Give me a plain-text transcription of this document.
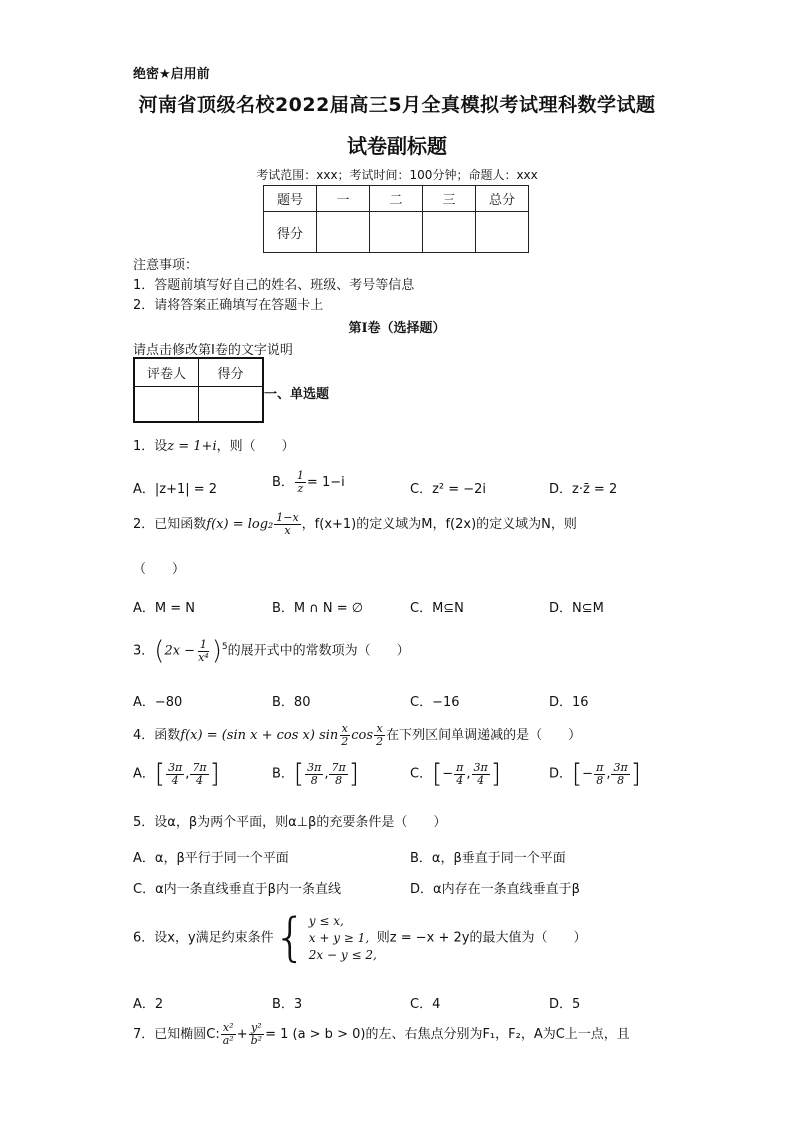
绝密★启用前
河南省顶级名校2022届高三5月全真模拟考试理科数学试题
试卷副标题
考试范围：xxx；考试时间：100分钟；命题人：xxx
题号	一	二	三	总分
得分				
注意事项：
1．答题前填写好自己的姓名、班级、考号等信息
2．请将答案正确填写在答题卡上
第I卷（选择题）
请点击修改第I卷的文字说明
评卷人	得分

一、单选题
1．设z = 1+i，则（　　）
A．|z+1| = 2	B． $\frac{1}{z} = 1-i$	C．z² = −2i	D．z·z̄ = 2
2．已知函数$f(x) = \log_2 \frac{1-x}{x}$ ，f(x+1)的定义域为M，f(2x)的定义域为N，则
（　　）
A．M = N	B．M ∩ N = ∅	C．M⊆N	D．N⊆M
3．$(2x - \frac{1}{\text{x⁴}} )^5$的展开式中的常数项为（　　）
A．−80	B．80	C．−16	D．16
4．函数f(x) = (sin x + cos x) $\sin \frac{x}{2}$ $\cos \frac{x}{2}$ 在下列区间单调递减的是（　　）
A．[ $\frac{3\pi}{4}$ , $\frac{7\pi}{4}$ ]	B．[ $\frac{3\pi}{8}$ , $\frac{7\pi}{8}$ ]	C．[− $\frac{\pi}{4}$ , $\frac{3\pi}{4}$ ]	D．[− $\frac{\pi}{8}$ , $\frac{3\pi}{8}$ ]
5．设α，β为两个平面，则α⊥β的充要条件是（　　）
A．α，β平行于同一个平面	B．α，β垂直于同一个平面
C．α内一条直线垂直于β内一条直线	D．α内存在一条直线垂直于β
6．设x，y满足约束条件 { y ≤ x,
x + y ≥ 1,
2x − y ≤ 2,
则z = −x + 2y的最大值为（　　）
A．2	B．3	C．4	D．5
7．已知椭圆C: $\frac{\text{x²}}{\text{a²}} + \frac{\text{y²}}{\text{b²}} = 1$ (a > b > 0)的左、右焦点分别为F₁，F₂，A为C上一点，且
